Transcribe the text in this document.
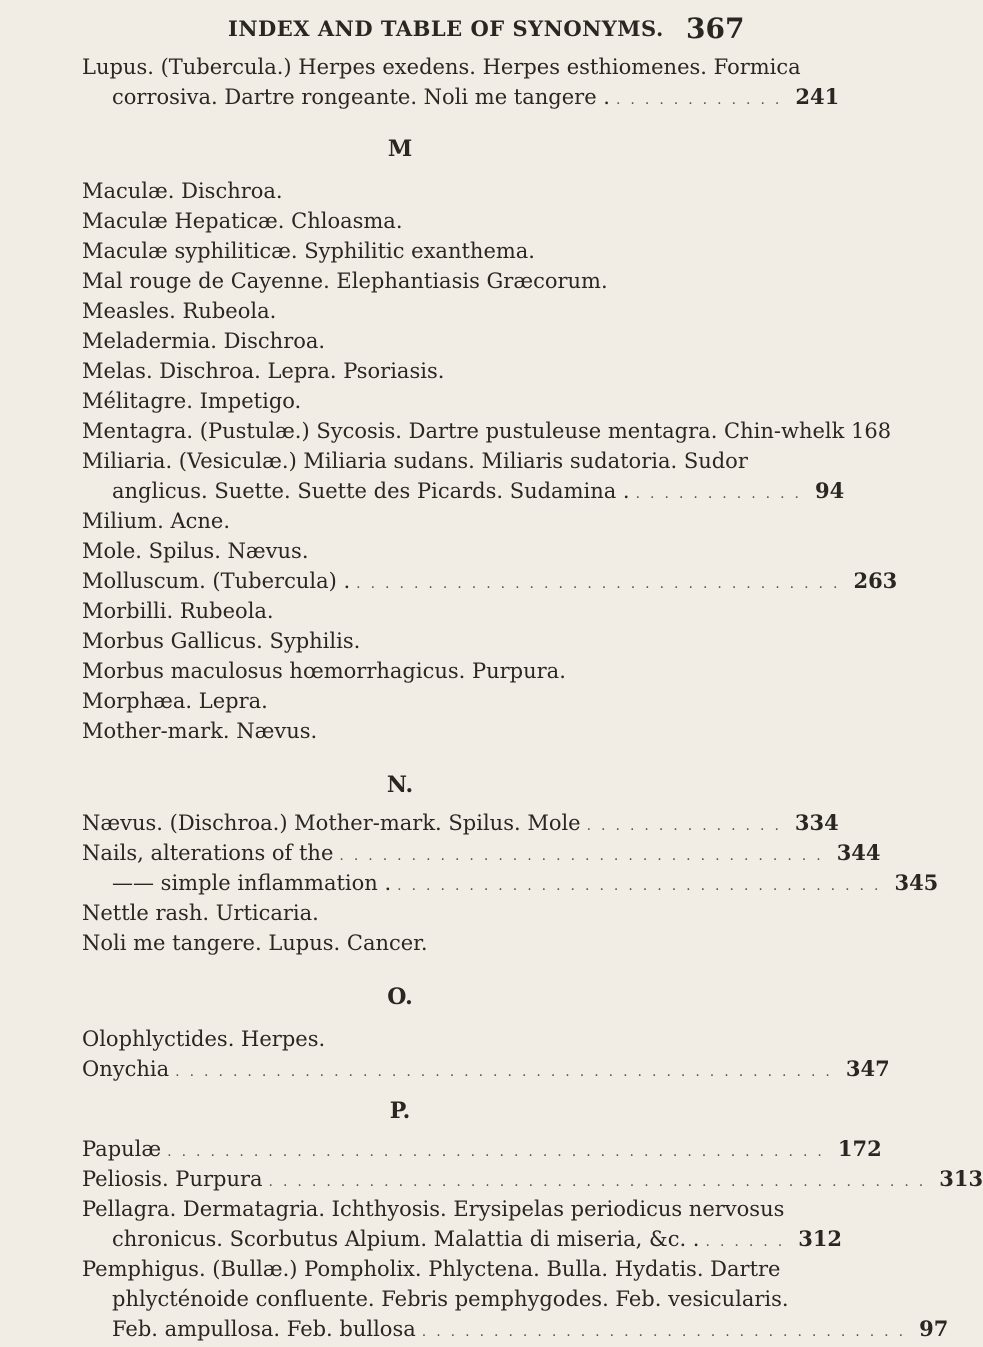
INDEX AND TABLE OF SYNONYMS. 367
Lupus. (Tubercula.) Herpes exedens. Herpes esthiomenes. Formica
corrosiva. Dartre rongeante. Noli me tangere . ............ 241
M
Maculæ. Dischroa.
Maculæ Hepaticæ. Chloasma.
Maculæ syphiliticæ. Syphilitic exanthema.
Mal rouge de Cayenne. Elephantiasis Græcorum.
Measles. Rubeola.
Meladermia. Dischroa.
Melas. Dischroa. Lepra. Psoriasis.
Mélitagre. Impetigo.
Mentagra. (Pustulæ.) Sycosis. Dartre pustuleuse mentagra. Chin-whelk 168
Miliaria. (Vesiculæ.) Miliaria sudans. Miliaris sudatoria. Sudor
anglicus. Suette. Suette des Picards. Sudamina . ............ 94
Milium. Acne.
Mole. Spilus. Nævus.
Molluscum. (Tubercula) . .................................. 263
Morbilli. Rubeola.
Morbus Gallicus. Syphilis.
Morbus maculosus hœmorrhagicus. Purpura.
Morphæa. Lepra.
Mother-mark. Nævus.
N.
Nævus. (Dischroa.) Mother-mark. Spilus. Mole .............. 334
Nails, alterations of the .................................. 344
—— simple inflammation . .................................. 345
Nettle rash. Urticaria.
Noli me tangere. Lupus. Cancer.
O.
Olophlyctides. Herpes.
Onychia .............................................. 347
P.
Papulæ .............................................. 172
Peliosis. Purpura .............................................. 313
Pellagra. Dermatagria. Ichthyosis. Erysipelas periodicus nervosus
chronicus. Scorbutus Alpium. Malattia di miseria, &c. . ...... 312
Pemphigus. (Bullæ.) Pompholix. Phlyctena. Bulla. Hydatis. Dartre
phlycténoide confluente. Febris pemphygodes. Feb. vesicularis.
Feb. ampullosa. Feb. bullosa .................................. 97
